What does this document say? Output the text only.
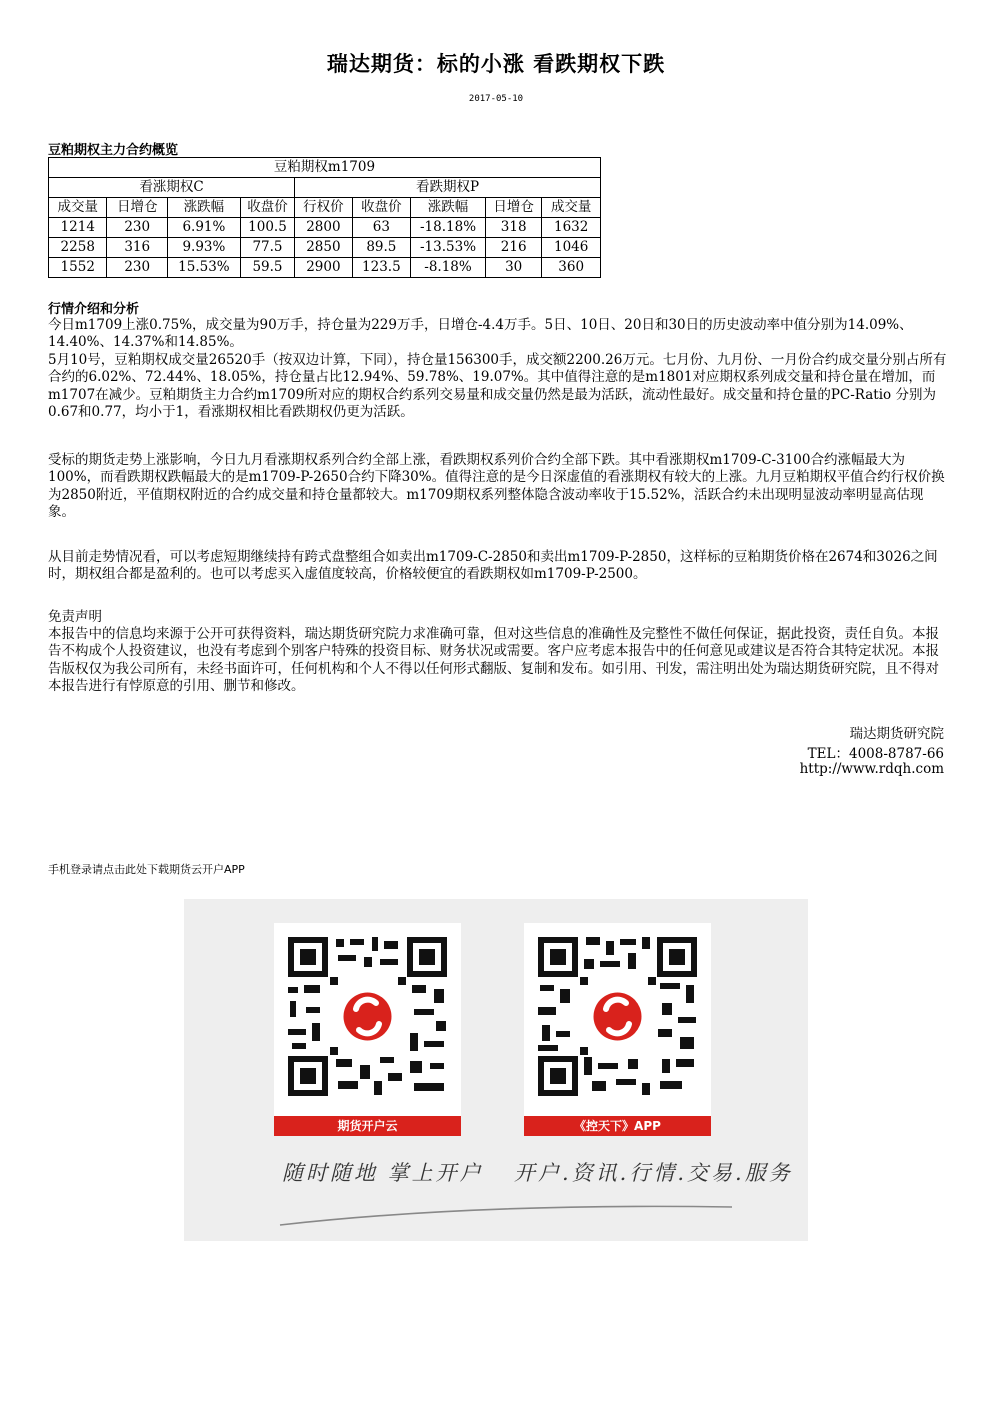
瑞达期货：标的小涨 看跌期权下跌
2017-05-10
豆粕期权主力合约概览
豆粕期权m1709								
看涨期权C				看跌期权P				
成交量	日增仓	涨跌幅	收盘价	行权价	收盘价	涨跌幅	日增仓	成交量
1214	230	6.91%	100.5	2800	63	-18.18%	318	1632
2258	316	9.93%	77.5	2850	89.5	-13.53%	216	1046
1552	230	15.53%	59.5	2900	123.5	-8.18%	30	360
行情介绍和分析

今日m1709上涨0.75%，成交量为90万手，持仓量为229万手，日增仓-4.4万手。5日、10日、20日和30日的历史波动率中值分别为14.09%、14.40%、14.37%和14.85%。

5月10号，豆粕期权成交量26520手（按双边计算，下同），持仓量156300手，成交额2200.26万元。七月份、九月份、一月份合约成交量分别占所有合约的6.02%、72.44%、18.05%，持仓量占比12.94%、59.78%、19.07%。其中值得注意的是m1801对应期权系列成交量和持仓量在增加，而m1707在减少。豆粕期货主力合约m1709所对应的期权合约系列交易量和成交量仍然是最为活跃，流动性最好。成交量和持仓量的PC-Ratio 分别为0.67和0.77，均小于1，看涨期权相比看跌期权仍更为活跃。

受标的期货走势上涨影响，今日九月看涨期权系列合约全部上涨，看跌期权系列价合约全部下跌。其中看涨期权m1709-C-3100合约涨幅最大为100%，而看跌期权跌幅最大的是m1709-P-2650合约下降30%。值得注意的是今日深虚值的看涨期权有较大的上涨。九月豆粕期权平值合约行权价换为2850附近，平值期权附近的合约成交量和持仓量都较大。m1709期权系列整体隐含波动率收于15.52%，活跃合约未出现明显波动率明显高估现象。

从目前走势情况看，可以考虑短期继续持有跨式盘整组合如卖出m1709-C-2850和卖出m1709-P-2850，这样标的豆粕期货价格在2674和3026之间时，期权组合都是盈利的。也可以考虑买入虚值度较高，价格较便宜的看跌期权如m1709-P-2500。

免责声明
本报告中的信息均来源于公开可获得资料，瑞达期货研究院力求准确可靠，但对这些信息的准确性及完整性不做任何保证，据此投资，责任自负。本报告不构成个人投资建议，也没有考虑到个别客户特殊的投资目标、财务状况或需要。客户应考虑本报告中的任何意见或建议是否符合其特定状况。本报告版权仅为我公司所有，未经书面许可，任何机构和个人不得以任何形式翻版、复制和发布。如引用、刊发，需注明出处为瑞达期货研究院，且不得对本报告进行有悖原意的引用、删节和修改。
瑞达期货研究院
TEL：4008-8787-66
http://www.rdqh.com
手机登录请点击此处下载期货云开户APP
期货开户云	《控天下》APP
随时随地 掌上开户 开户.资讯.行情.交易.服务
